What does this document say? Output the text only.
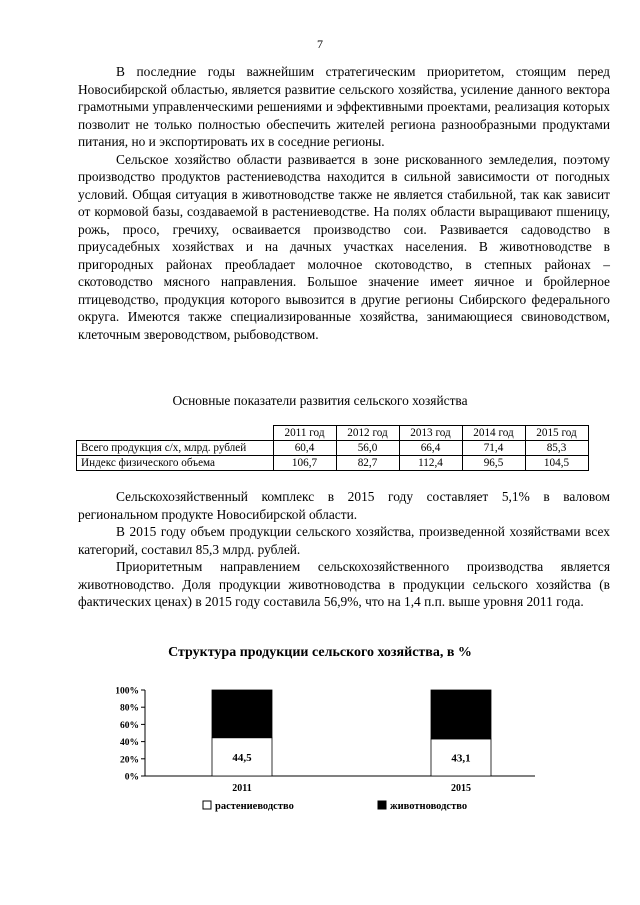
7

В последние годы важнейшим стратегическим приоритетом, стоящим перед Новосибирской областью, является развитие сельского хозяйства, усиление данного вектора грамотными управленческими решениями и эффективными проектами, реализация которых позволит не только полностью обеспечить жителей региона разнообразными продуктами питания, но и экспортировать их в соседние регионы.

Сельское хозяйство области развивается в зоне рискованного земледелия, поэтому производство продуктов растениеводства находится в сильной зависимости от погодных условий. Общая ситуация в животноводстве также не является стабильной, так как зависит от кормовой базы, создаваемой в растениеводстве. На полях области выращивают пшеницу, рожь, просо, гречиху, осваивается производство сои. Развивается садоводство в приусадебных хозяйствах и на дачных участках населения. В животноводстве в пригородных районах преобладает молочное скотоводство, в степных районах – скотоводство мясного направления. Большое значение имеет яичное и бройлерное птицеводство, продукция которого вывозится в другие регионы Сибирского федерального округа. Имеются также специализированные хозяйства, занимающиеся свиноводством, клеточным звероводством, рыбоводством.

Основные показатели развития сельского хозяйства
	2011 год	2012 год	2013 год	2014 год	2015 год
Всего продукция с/х, млрд. рублей	60,4	56,0	66,4	71,4	85,3
Индекс физического объема	106,7	82,7	112,4	96,5	104,5

Сельскохозяйственный комплекс в 2015 году составляет 5,1% в валовом региональном продукте Новосибирской области.

В 2015 году объем продукции сельского хозяйства, произведенной хозяйствами всех категорий, составил 85,3 млрд. рублей.

Приоритетным направлением сельскохозяйственного производства является животноводство. Доля продукции животноводства в продукции сельского хозяйства (в фактических ценах) в 2015 году составила 56,9%, что на 1,4 п.п. выше уровня 2011 года.

Структура продукции сельского хозяйства, в %
0%
20%
40%
60%
80%
100%
44,5
2011
43,1
2015
растениеводство	животноводство
